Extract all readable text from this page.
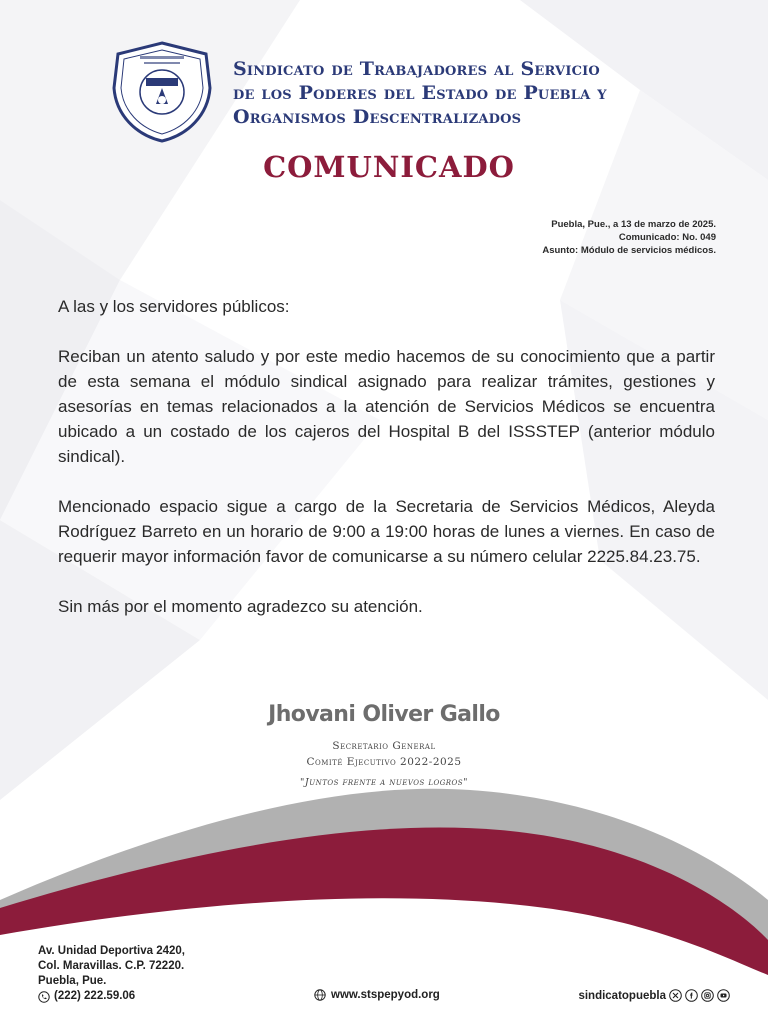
Sindicato de Trabajadores al Servicio
de los Poderes del Estado de Puebla y
Organismos Descentralizados
COMUNICADO
Puebla, Pue., a 13 de marzo de 2025.
Comunicado: No. 049
Asunto: Módulo de servicios médicos.

A las y los servidores públicos:

Reciban un atento saludo y por este medio hacemos de su conocimiento que a partir de esta semana el módulo sindical asignado para realizar trámites, gestiones y asesorías en temas relacionados a la atención de Servicios Médicos se encuentra ubicado a un costado de los cajeros del Hospital B del ISSSTEP (anterior módulo sindical).

Mencionado espacio sigue a cargo de la Secretaria de Servicios Médicos, Aleyda Rodríguez Barreto en un horario de 9:00 a 19:00 horas de lunes a viernes. En caso de requerir mayor información favor de comunicarse a su número celular 2225.84.23.75.

Sin más por el momento agradezco su atención.

Jhovani Oliver Gallo
Secretario General
Comité Ejecutivo 2022-2025
"Juntos frente a nuevos logros"
Av. Unidad Deportiva 2420,
Col. Maravillas. C.P. 72220.
Puebla, Pue.
(222) 222.59.06	www.stspepyod.org	sindicatopuebla
